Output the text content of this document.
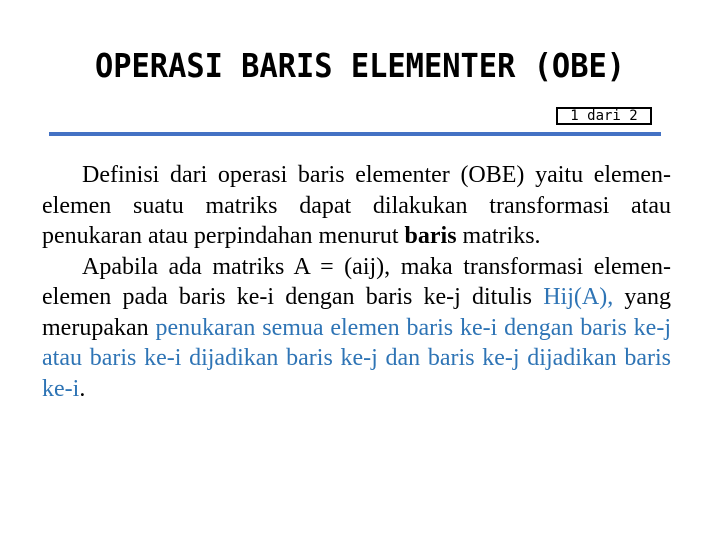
OPERASI BARIS ELEMENTER (OBE)
1 dari 2

Definisi dari operasi baris elementer (OBE) yaitu elemen-elemen suatu matriks dapat dilakukan transformasi atau penukaran atau perpindahan menurut baris matriks.

Apabila ada matriks A = (aij), maka transformasi elemen-elemen pada baris ke-i dengan baris ke-j ditulis Hij(A), yang merupakan penukaran semua elemen baris ke-i dengan baris ke-j atau baris ke-i dijadikan baris ke-j dan baris ke-j dijadikan baris ke-i.
